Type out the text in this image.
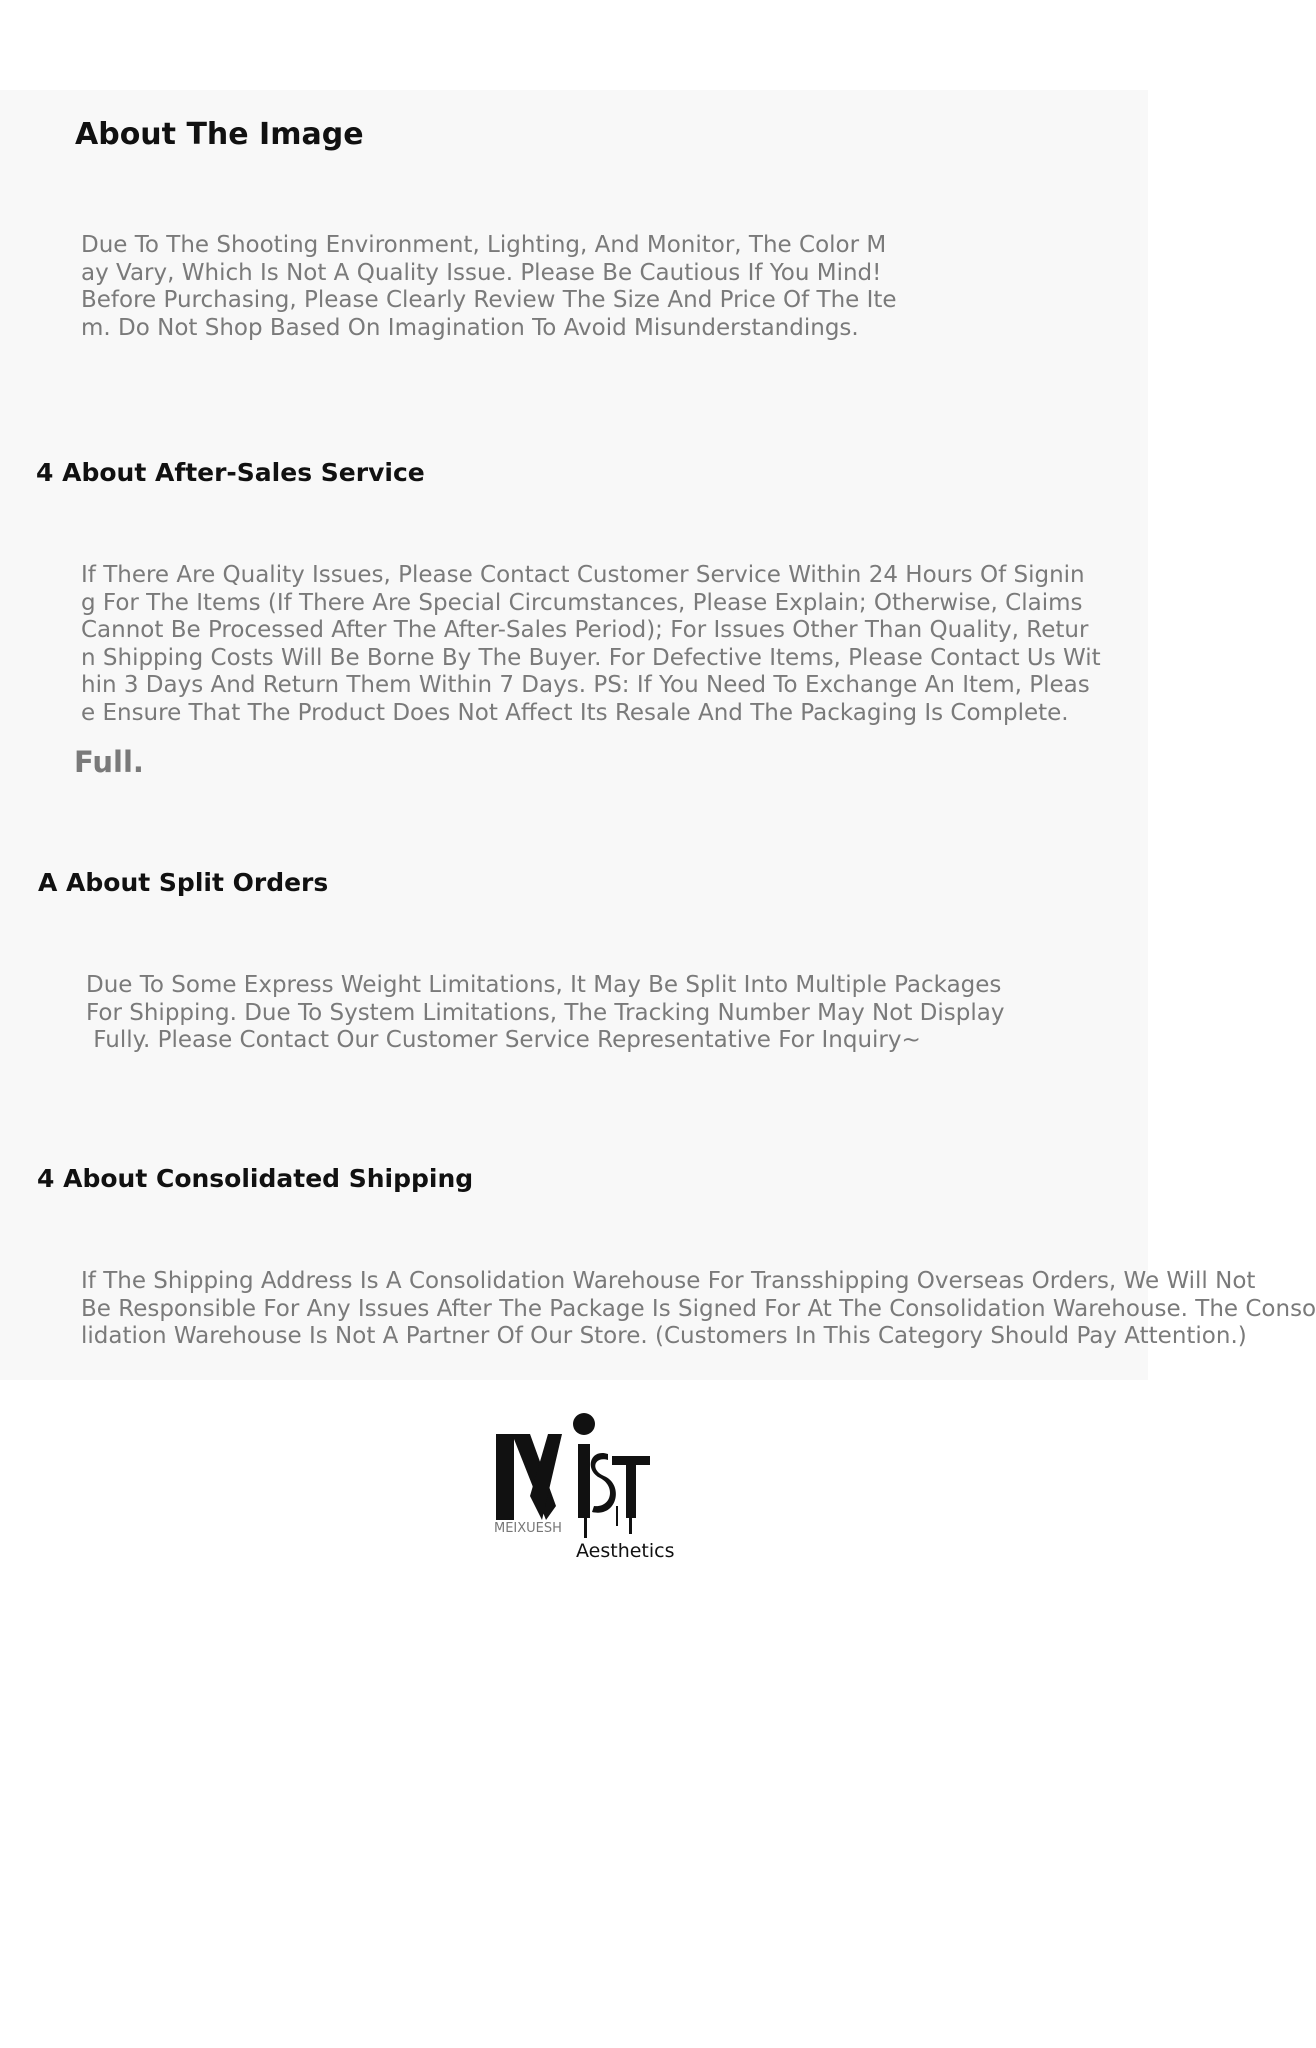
About The Image
Due To The Shooting Environment, Lighting, And Monitor, The Color M
ay Vary, Which Is Not A Quality Issue. Please Be Cautious If You Mind!
Before Purchasing, Please Clearly Review The Size And Price Of The Ite
m. Do Not Shop Based On Imagination To Avoid Misunderstandings.
4 About After-Sales Service
If There Are Quality Issues, Please Contact Customer Service Within 24 Hours Of Signin
g For The Items (If There Are Special Circumstances, Please Explain; Otherwise, Claims
Cannot Be Processed After The After-Sales Period); For Issues Other Than Quality, Retur
n Shipping Costs Will Be Borne By The Buyer. For Defective Items, Please Contact Us Wit
hin 3 Days And Return Them Within 7 Days. PS: If You Need To Exchange An Item, Pleas
e Ensure That The Product Does Not Affect Its Resale And The Packaging Is Complete.
Full.
A About Split Orders
Due To Some Express Weight Limitations, It May Be Split Into Multiple Packages
For Shipping. Due To System Limitations, The Tracking Number May Not Display
Fully. Please Contact Our Customer Service Representative For Inquiry~
4 About Consolidated Shipping
If The Shipping Address Is A Consolidation Warehouse For Transshipping Overseas Orders, We Will Not
Be Responsible For Any Issues After The Package Is Signed For At The Consolidation Warehouse. The Conso
lidation Warehouse Is Not A Partner Of Our Store. (Customers In This Category Should Pay Attention.)
MEIXUESH
Aesthetics
